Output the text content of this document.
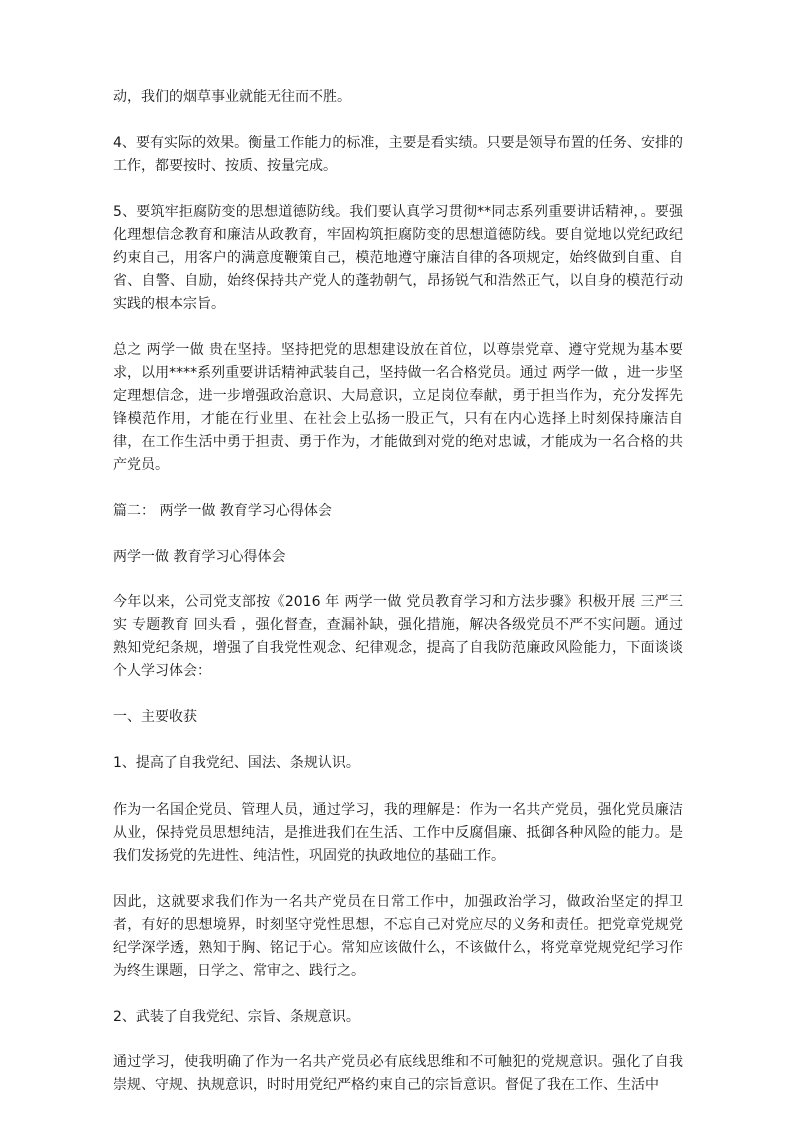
动，我们的烟草事业就能无往而不胜。

4、要有实际的效果。衡量工作能力的标准，主要是看实绩。只要是领导布置的任务、安排的工作，都要按时、按质、按量完成。

5、要筑牢拒腐防变的思想道德防线。我们要认真学习贯彻**同志系列重要讲话精神，。要强化理想信念教育和廉洁从政教育，牢固构筑拒腐防变的思想道德防线。要自觉地以党纪政纪约束自己，用客户的满意度鞭策自己，模范地遵守廉洁自律的各项规定，始终做到自重、自省、自警、自励，始终保持共产党人的蓬勃朝气，昂扬锐气和浩然正气，以自身的模范行动实践的根本宗旨。

总之 两学一做 贵在坚持。坚持把党的思想建设放在首位，以尊崇党章、遵守党规为基本要求，以用****系列重要讲话精神武装自己，坚持做一名合格党员。通过 两学一做 ，进一步坚定理想信念，进一步增强政治意识、大局意识，立足岗位奉献，勇于担当作为，充分发挥先锋模范作用，才能在行业里、在社会上弘扬一股正气，只有在内心选择上时刻保持廉洁自律，在工作生活中勇于担责、勇于作为，才能做到对党的绝对忠诚，才能成为一名合格的共产党员。

篇二： 两学一做 教育学习心得体会

两学一做 教育学习心得体会

今年以来，公司党支部按《2016 年 两学一做 党员教育学习和方法步骤》积极开展 三严三实 专题教育 回头看 ，强化督查，查漏补缺，强化措施，解决各级党员不严不实问题。通过熟知党纪条规，增强了自我党性观念、纪律观念，提高了自我防范廉政风险能力，下面谈谈个人学习体会：

一、主要收获

1、提高了自我党纪、国法、条规认识。

作为一名国企党员、管理人员，通过学习，我的理解是：作为一名共产党员，强化党员廉洁从业，保持党员思想纯洁，是推进我们在生活、工作中反腐倡廉、抵御各种风险的能力。是我们发扬党的先进性、纯洁性，巩固党的执政地位的基础工作。

因此，这就要求我们作为一名共产党员在日常工作中，加强政治学习，做政治坚定的捍卫者，有好的思想境界，时刻坚守党性思想，不忘自己对党应尽的义务和责任。把党章党规党纪学深学透，熟知于胸、铭记于心。常知应该做什么，不该做什么，将党章党规党纪学习作为终生课题，日学之、常审之、践行之。

2、武装了自我党纪、宗旨、条规意识。

通过学习，使我明确了作为一名共产党员必有底线思维和不可触犯的党规意识。强化了自我崇规、守规、执规意识，时时用党纪严格约束自己的宗旨意识。督促了我在工作、生活中
